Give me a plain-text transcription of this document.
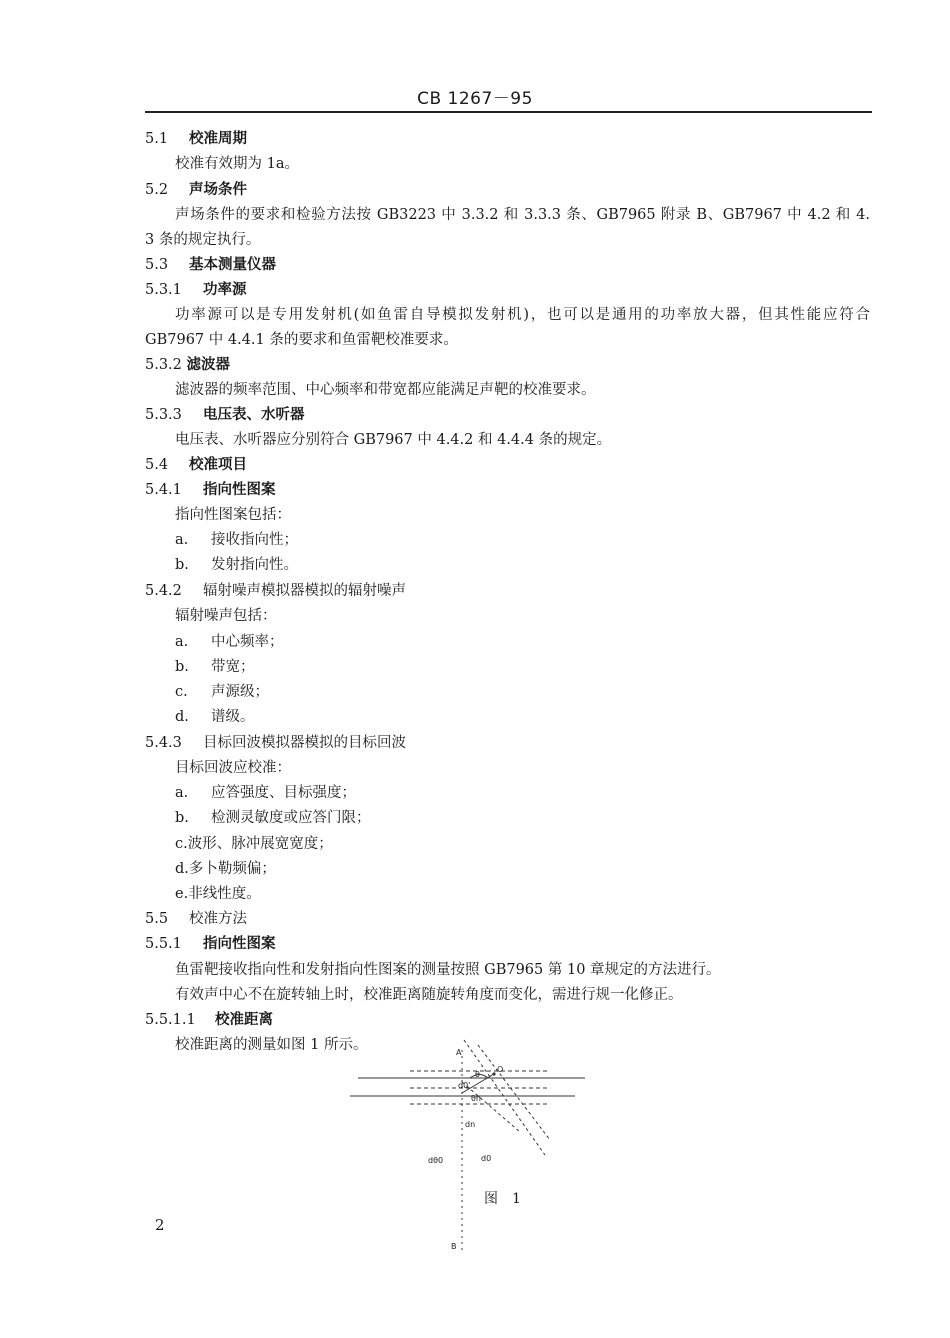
CB 1267－95
5.1 校准周期
校准有效期为 1a。
5.2 声场条件
声场条件的要求和检验方法按 GB3223 中 3.3.2 和 3.3.3 条、GB7965 附录 B、GB7967 中 4.2 和 4.
3 条的规定执行。
5.3 基本测量仪器
5.3.1 功率源
功率源可以是专用发射机(如鱼雷自导模拟发射机)，也可以是通用的功率放大器，但其性能应符合
GB7967 中 4.4.1 条的要求和鱼雷靶校准要求。
5.3.2 滤波器
滤波器的频率范围、中心频率和带宽都应能满足声靶的校准要求。
5.3.3 电压表、水听器
电压表、水听器应分别符合 GB7967 中 4.4.2 和 4.4.4 条的规定。
5.4 校准项目
5.4.1 指向性图案
指向性图案包括：
a. 接收指向性；
b. 发射指向性。
5.4.2 辐射噪声模拟器模拟的辐射噪声
辐射噪声包括：
a. 中心频率；
b. 带宽；
c. 声源级；
d. 谱级。
5.4.3 目标回波模拟器模拟的目标回波
目标回波应校准：
a. 应答强度、目标强度；
b. 检测灵敏度或应答门限；
c.波形、脉冲展宽宽度；
d.多卜勒频偏；
e.非线性度。
5.5 校准方法
5.5.1 指向性图案
鱼雷靶接收指向性和发射指向性图案的测量按照 GB7965 第 10 章规定的方法进行。
有效声中心不在旋转轴上时，校准距离随旋转角度而变化，需进行规一化修正。
5.5.1.1 校准距离
校准距离的测量如图 1 所示。	A
θ
O
d0'
θn
dn
dθ0	d0
B
图　1
2
